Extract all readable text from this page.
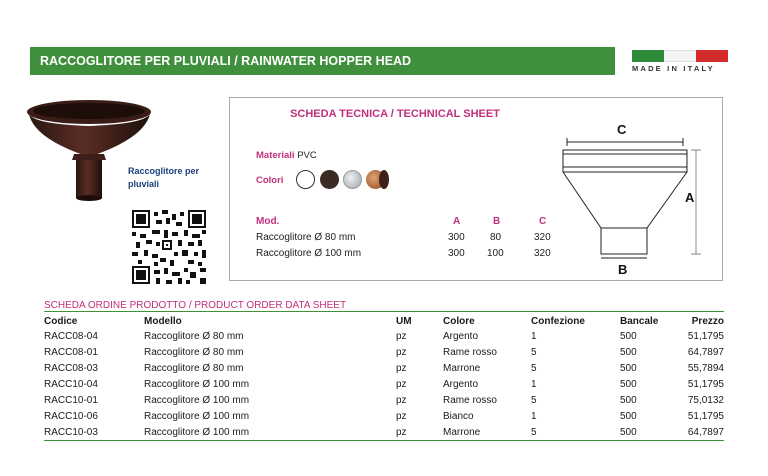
RACCOGLITORE PER PLUVIALI / RAINWATER HOPPER HEAD
MADE IN ITALY
Raccoglitore per pluviali
SCHEDA TECNICA / TECHNICAL SHEET
Materiali PVC
Colori
Mod.	A	B	C
Raccoglitore Ø 80 mm	300	80	320
Raccoglitore Ø 100 mm	300 100	320
C
A
B
SCHEDA ORDINE PRODOTTO / PRODUCT ORDER DATA SHEET
Codice	Modello	UM	Colore	Confezione	Bancale	Prezzo
RACC08-04	Raccoglitore Ø 80 mm	pz	Argento	1	500	51,1795
RACC08-01	Raccoglitore Ø 80 mm	pz	Rame rosso	5	500	64,7897
RACC08-03	Raccoglitore Ø 80 mm	pz	Marrone	5	500	55,7894
RACC10-04	Raccoglitore Ø 100 mm	pz	Argento	1	500	51,1795
RACC10-01	Raccoglitore Ø 100 mm	pz	Rame rosso	5	500	75,0132
RACC10-06	Raccoglitore Ø 100 mm	pz	Bianco	1	500	51,1795
RACC10-03	Raccoglitore Ø 100 mm	pz	Marrone	5	500	64,7897
